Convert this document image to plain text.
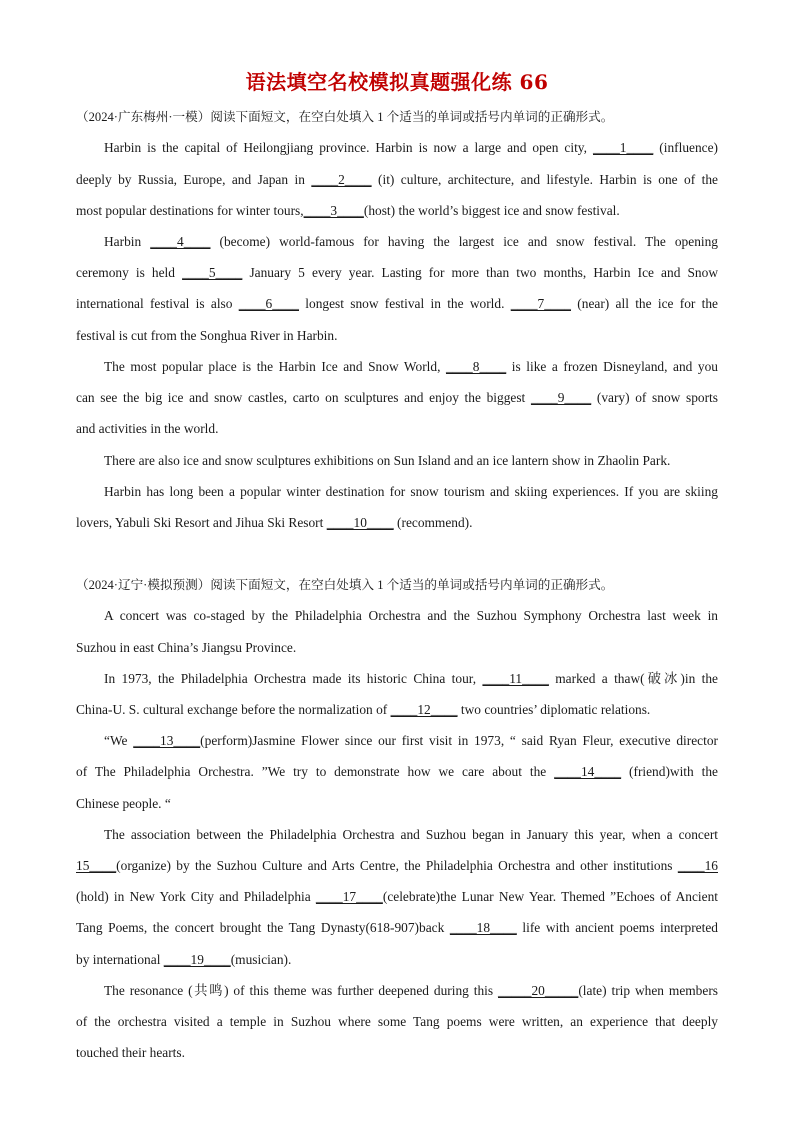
语法填空名校模拟真题强化练 66
（2024·广东梅州·一模）阅读下面短文，在空白处填入 1 个适当的单词或括号内单词的正确形式。
Harbin is the capital of Heilongjiang province. Harbin is now a large and open city, ____1____ (influence)
deeply by Russia, Europe, and Japan in ____2____ (it) culture, architecture, and lifestyle. Harbin is one of the
most popular destinations for winter tours,____3____(host) the world’s biggest ice and snow festival.
Harbin ____4____ (become) world-famous for having the largest ice and snow festival. The opening
ceremony is held ____5____ January 5 every year. Lasting for more than two months, Harbin Ice and Snow
international festival is also ____6____ longest snow festival in the world. ____7____ (near) all the ice for the
festival is cut from the Songhua River in Harbin.
The most popular place is the Harbin Ice and Snow World, ____8____ is like a frozen Disneyland, and you
can see the big ice and snow castles, carto on sculptures and enjoy the biggest ____9____ (vary) of snow sports
and activities in the world.
There are also ice and snow sculptures exhibitions on Sun Island and an ice lantern show in Zhaolin Park.
Harbin has long been a popular winter destination for snow tourism and skiing experiences. If you are skiing
lovers, Yabuli Ski Resort and Jihua Ski Resort ____10____ (recommend).
（2024·辽宁·模拟预测）阅读下面短文，在空白处填入 1 个适当的单词或括号内单词的正确形式。
A concert was co-staged by the Philadelphia Orchestra and the Suzhou Symphony Orchestra last week in
Suzhou in east China’s Jiangsu Province.
In 1973, the Philadelphia Orchestra made its historic China tour, ____11____ marked a thaw(破冰)in the
China-U. S. cultural exchange before the normalization of ____12____ two countries’ diplomatic relations.
“We ____13____(perform)Jasmine Flower since our first visit in 1973, “ said Ryan Fleur, executive director
of The Philadelphia Orchestra. ”We try to demonstrate how we care about the ____14____ (friend)with the
Chinese people. “
The association between the Philadelphia Orchestra and Suzhou began in January this year, when a concert
15____(organize) by the Suzhou Culture and Arts Centre, the Philadelphia Orchestra and other institutions ____16
(hold) in New York City and Philadelphia ____17____(celebrate)the Lunar New Year. Themed ”Echoes of Ancient
Tang Poems, the concert brought the Tang Dynasty(618-907)back ____18____ life with ancient poems interpreted
by international ____19____(musician).
The resonance (共鸣) of this theme was further deepened during this _____20_____(late) trip when members
of the orchestra visited a temple in Suzhou where some Tang poems were written, an experience that deeply
touched their hearts.
